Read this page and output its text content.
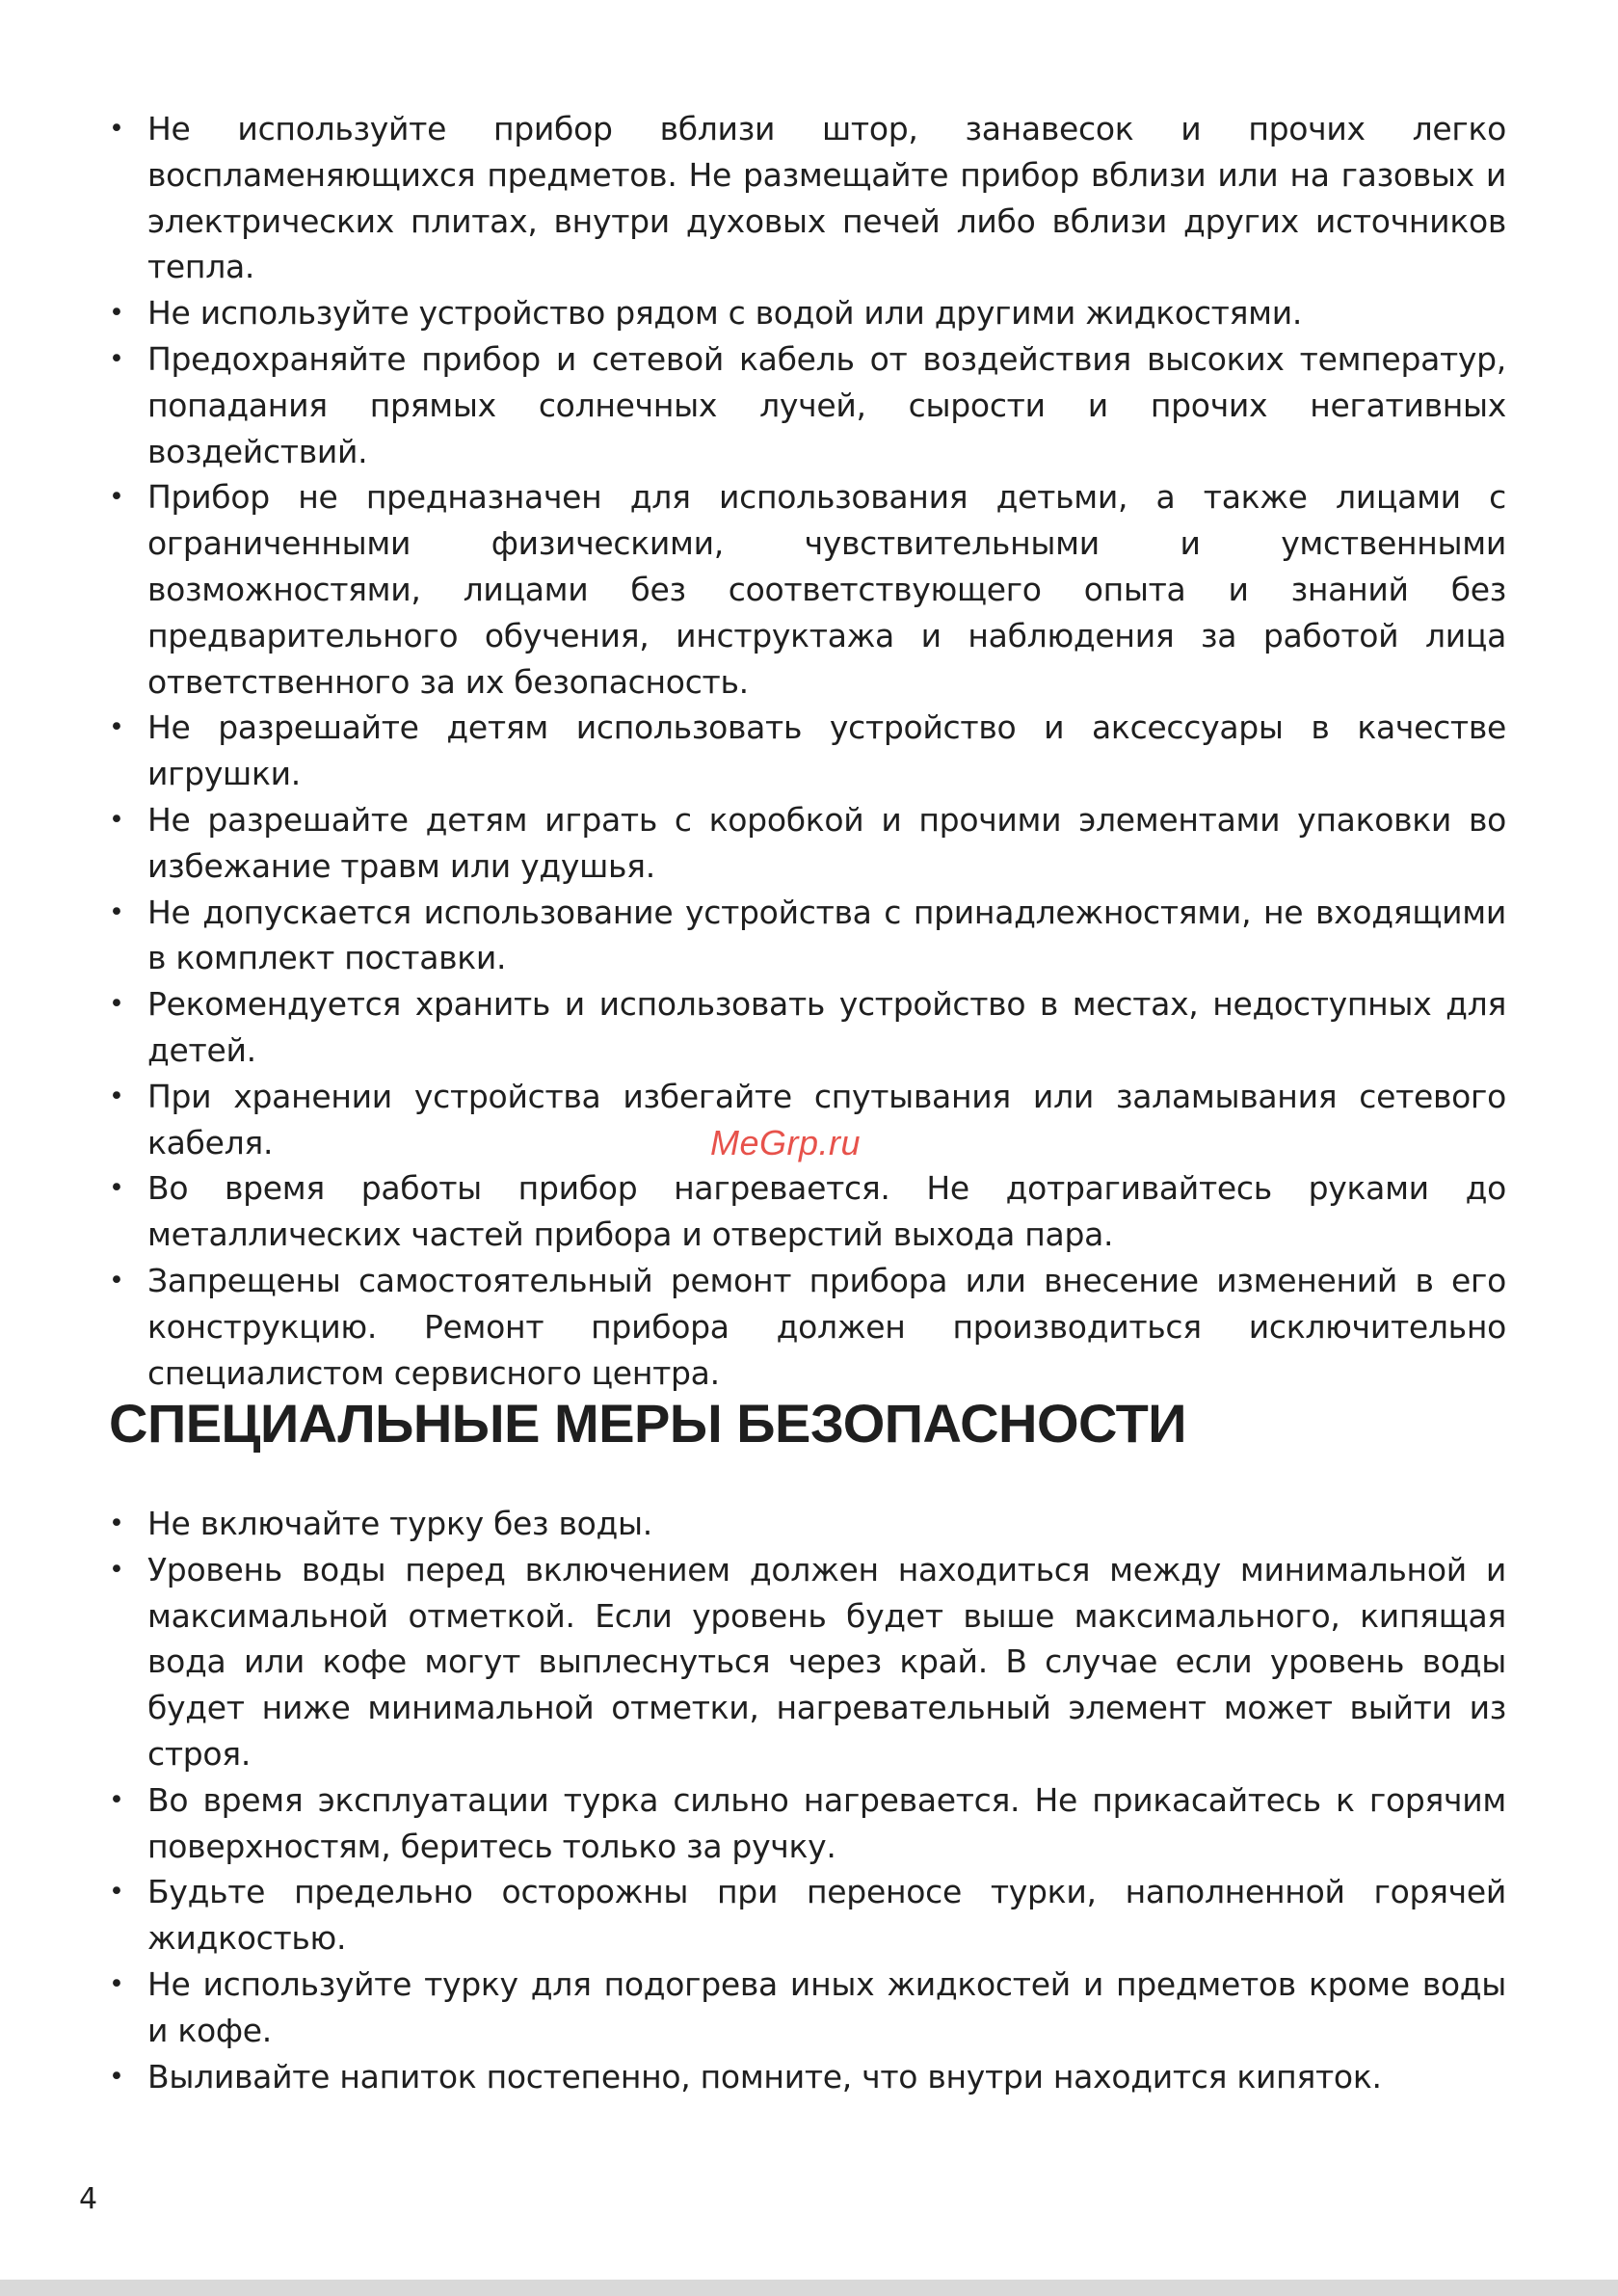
• Не используйте прибор вблизи штор, занавесок и прочих легко воспламеняющихся предметов. Не размещайте прибор вблизи или на газовых и электрических плитах, внутри духовых печей либо вблизи других источников тепла.
• Не используйте устройство рядом с водой или другими жидкостями.
• Предохраняйте прибор и сетевой кабель от воздействия высоких температур, попадания прямых солнечных лучей, сырости и прочих негативных воздействий.
• Прибор не предназначен для использования детьми, а также лицами с ограниченными физическими, чувствительными и умственными возможностями, лицами без соответствующего опыта и знаний без предварительного обучения, инструктажа и наблюдения за работой лица ответственного за их безопасность.
• Не разрешайте детям использовать устройство и аксессуары в качестве игрушки.
• Не разрешайте детям играть с коробкой и прочими элементами упаковки во избежание травм или удушья.
• Не допускается использование устройства с принадлежностями, не входящими в комплект поставки.
• Рекомендуется хранить и использовать устройство в местах, недоступных для детей.
• При хранении устройства избегайте спутывания или заламывания сетевого кабеля.
• Во время работы прибор нагревается. Не дотрагивайтесь руками до металлических частей прибора и отверстий выхода пара.
• Запрещены самостоятельный ремонт прибора или внесение изменений в его конструкцию. Ремонт прибора должен производиться исключительно специалистом сервисного центра.
СПЕЦИАЛЬНЫЕ МЕРЫ БЕЗОПАСНОСТИ
• Не включайте турку без воды.
• Уровень воды перед включением должен находиться между минимальной и максимальной отметкой. Если уровень будет выше максимального, кипящая вода или кофе могут выплеснуться через край. В случае если уровень воды будет ниже минимальной отметки, нагревательный элемент может выйти из строя.
• Во время эксплуатации турка сильно нагревается. Не прикасайтесь к горячим поверхностям, беритесь только за ручку.
• Будьте предельно осторожны при переносе турки, наполненной горячей жидкостью.
• Не используйте турку для подогрева иных жидкостей и предметов кроме воды и кофе.
• Выливайте напиток постепенно, помните, что внутри находится кипяток.
MeGrp.ru
4
